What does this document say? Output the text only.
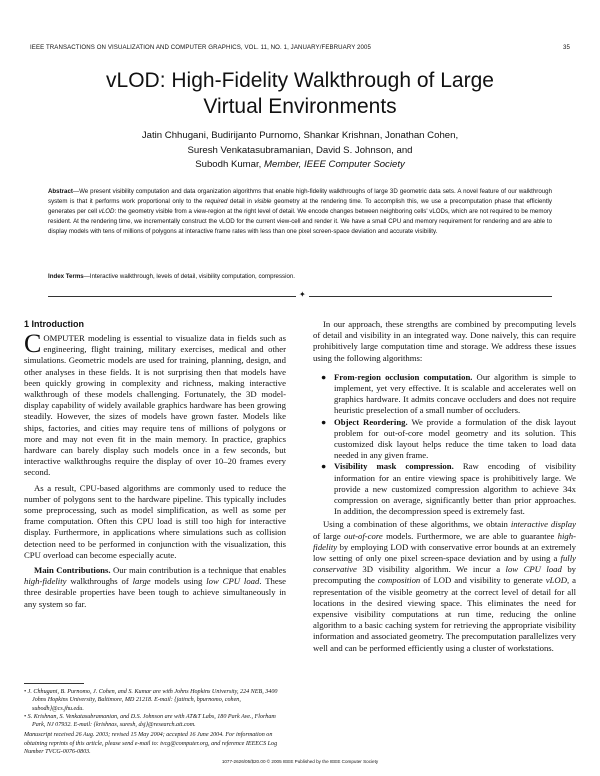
IEEE TRANSACTIONS ON VISUALIZATION AND COMPUTER GRAPHICS, VOL. 11, NO. 1, JANUARY/FEBRUARY 2005	35
vLOD: High-Fidelity Walkthrough of Large
Virtual Environments
Jatin Chhugani, Budirijanto Purnomo, Shankar Krishnan, Jonathan Cohen,
Suresh Venkatasubramanian, David S. Johnson, and
Subodh Kumar, Member, IEEE Computer Society
Abstract—We present visibility computation and data organization algorithms that enable high-fidelity walkthroughs of large 3D geometric data sets. A novel feature of our walkthrough system is that it performs work proportional only to the required detail in visible geometry at the rendering time. To accomplish this, we use a precomputation phase that efficiently generates per cell vLOD: the geometry visible from a view-region at the right level of detail. We encode changes between neighboring cells' vLODs, which are not required to be memory resident. At the rendering time, we incrementally construct the vLOD for the current view-cell and render it. We have a small CPU and memory requirement for rendering and are able to display models with tens of millions of polygons at interactive frame rates with less than one pixel screen-space deviation and accurate visibility.
Index Terms—Interactive walkthrough, levels of detail, visibility computation, compression.
✦
1 Introduction

COMPUTER modeling is essential to visualize data in fields such as engineering, flight training, military exercises, medical and other simulations. Geometric models are used for training, planning, design, and other analyses in these fields. It is not surprising then that models have been quickly growing in complexity and richness, making interactive walkthrough of these models challenging. Fortunately, the 3D model-display capability of widely available graphics hardware has been growing steadily. However, the sizes of models have grown faster. Models like ships, factories, and cities may require tens of millions of polygons or more and may not even fit in the main memory. In practice, graphics hardware can barely display such models once in a few seconds, but interactive walkthroughs require the display of over 10–20 frames every second.

As a result, CPU-based algorithms are commonly used to reduce the number of polygons sent to the hardware pipeline. This typically includes some preprocessing, such as model simplification, as well as some per frame computation. Often this CPU load is still too high for interactive display. Furthermore, in applications where simulations such as collision detection need to be performed in conjunction with the visualization, this CPU overload can become especially acute.

Main Contributions. Our main contribution is a technique that enables high-fidelity walkthroughs of large models using low CPU load. These three desirable properties have been tough to achieve simultaneously in any system so far.

• J. Chhugani, B. Purnomo, J. Cohen, and S. Kumar are with Johns Hopkins University, 224 NEB, 3400 Johns Hopkins University, Baltimore, MD 21218. E-mail: {jatinch, bpurnomo, cohen, subodh}@cs.jhu.edu.
• S. Krishnan, S. Venkatasubramanian, and D.S. Johnson are with AT&T Labs, 180 Park Ave., Florham Park, NJ 07932. E-mail: {krishnas, suresh, dsj}@research.att.com.
Manuscript received 26 Aug. 2003; revised 15 May 2004; accepted 16 June 2004. For information on obtaining reprints of this article, please send e-mail to: tvcg@computer.org, and reference IEEECS Log Number TVCG-0076-0803.

In our approach, these strengths are combined by precomputing levels of detail and visibility in an integrated way. Done naively, this can require prohibitively large computation time and storage. We address these issues using the following algorithms:

● From-region occlusion computation. Our algorithm is simple to implement, yet very effective. It is scalable and accelerates well on graphics hardware. It admits concave occluders and does not require heuristic preselection of a small number of occluders.
● Object Reordering. We provide a formulation of the disk layout problem for out-of-core model geometry and its solution. This customized disk layout helps reduce the time taken to load data needed in any given frame.
● Visibility mask compression. Raw encoding of visibility information for an entire viewing space is prohibitively large. We provide a new customized compression algorithm to achieve 34x compression on average, significantly better than prior approaches. In addition, the decompression speed is extremely fast.

Using a combination of these algorithms, we obtain interactive display of large out-of-core models. Furthermore, we are able to guarantee high-fidelity by employing LOD with conservative error bounds at an extremely low setting of only one pixel screen-space deviation and by using a fully conservative 3D visibility algorithm. We incur a low CPU load by precomputing the composition of LOD and visibility to generate vLOD, a representation of the visible geometry at the correct level of detail for all locations in the desired viewing space. This eliminates the need for expensive visibility computations at run time, reducing the online algorithm to a basic caching system for retrieving the appropriate visibility information and associated geometry. The precomputation parallelizes very well and can be performed efficiently using a cluster of workstations.

1077-2626/05/$20.00 © 2005 IEEE Published by the IEEE Computer Society
